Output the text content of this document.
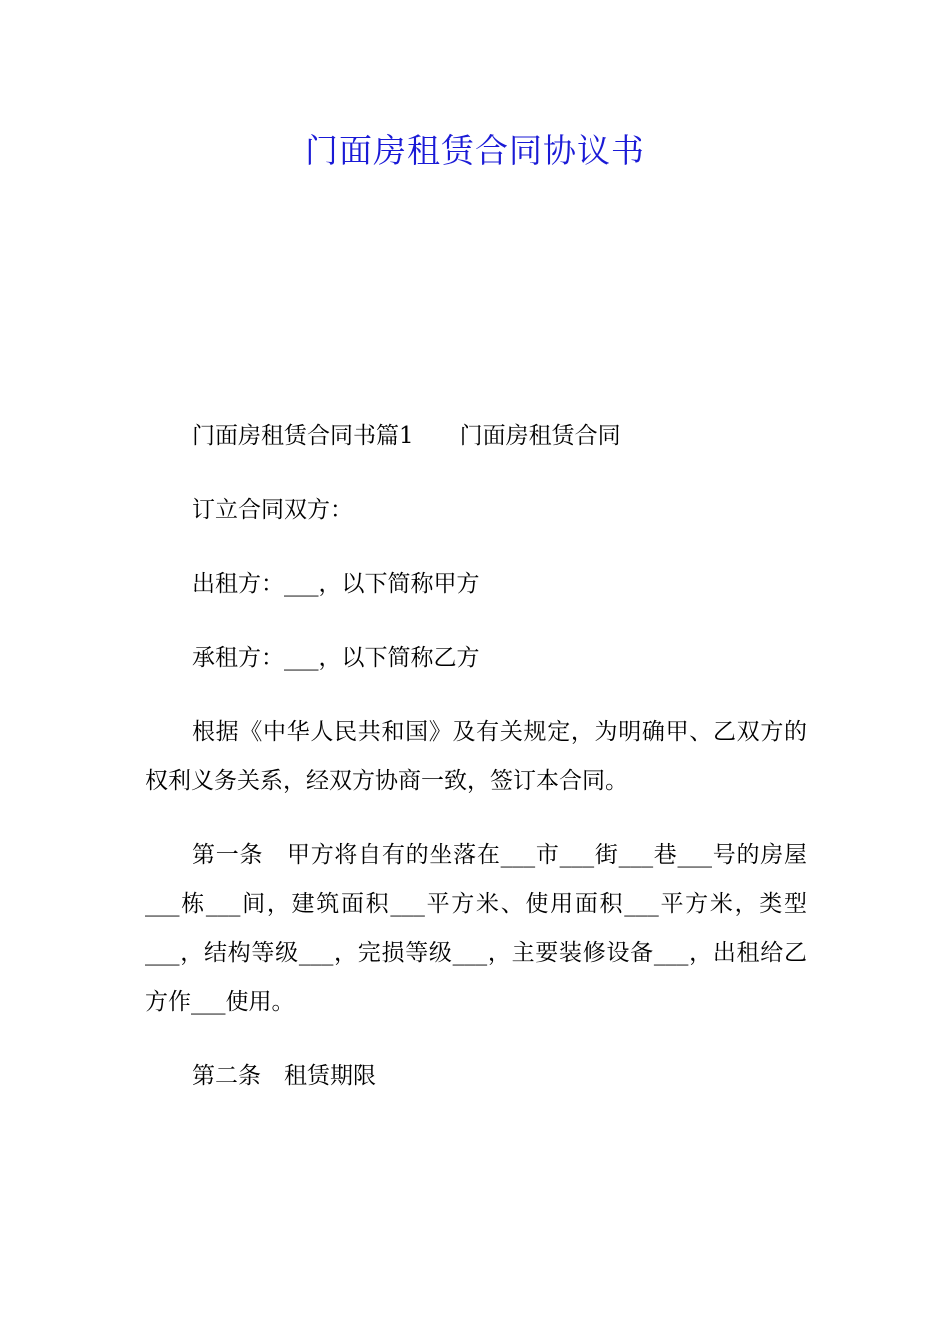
门面房租赁合同协议书

门面房租赁合同书篇1　　门面房租赁合同

订立合同双方：

出租方：___，以下简称甲方

承租方：___，以下简称乙方

根据《中华人民共和国》及有关规定，为明确甲、乙双方的权利义务关系，经双方协商一致，签订本合同。

第一条　甲方将自有的坐落在___市___街___巷___号的房屋___栋___间，建筑面积___平方米、使用面积___平方米，类型___，结构等级___，完损等级___，主要装修设备___，出租给乙方作___使用。

第二条　租赁期限
